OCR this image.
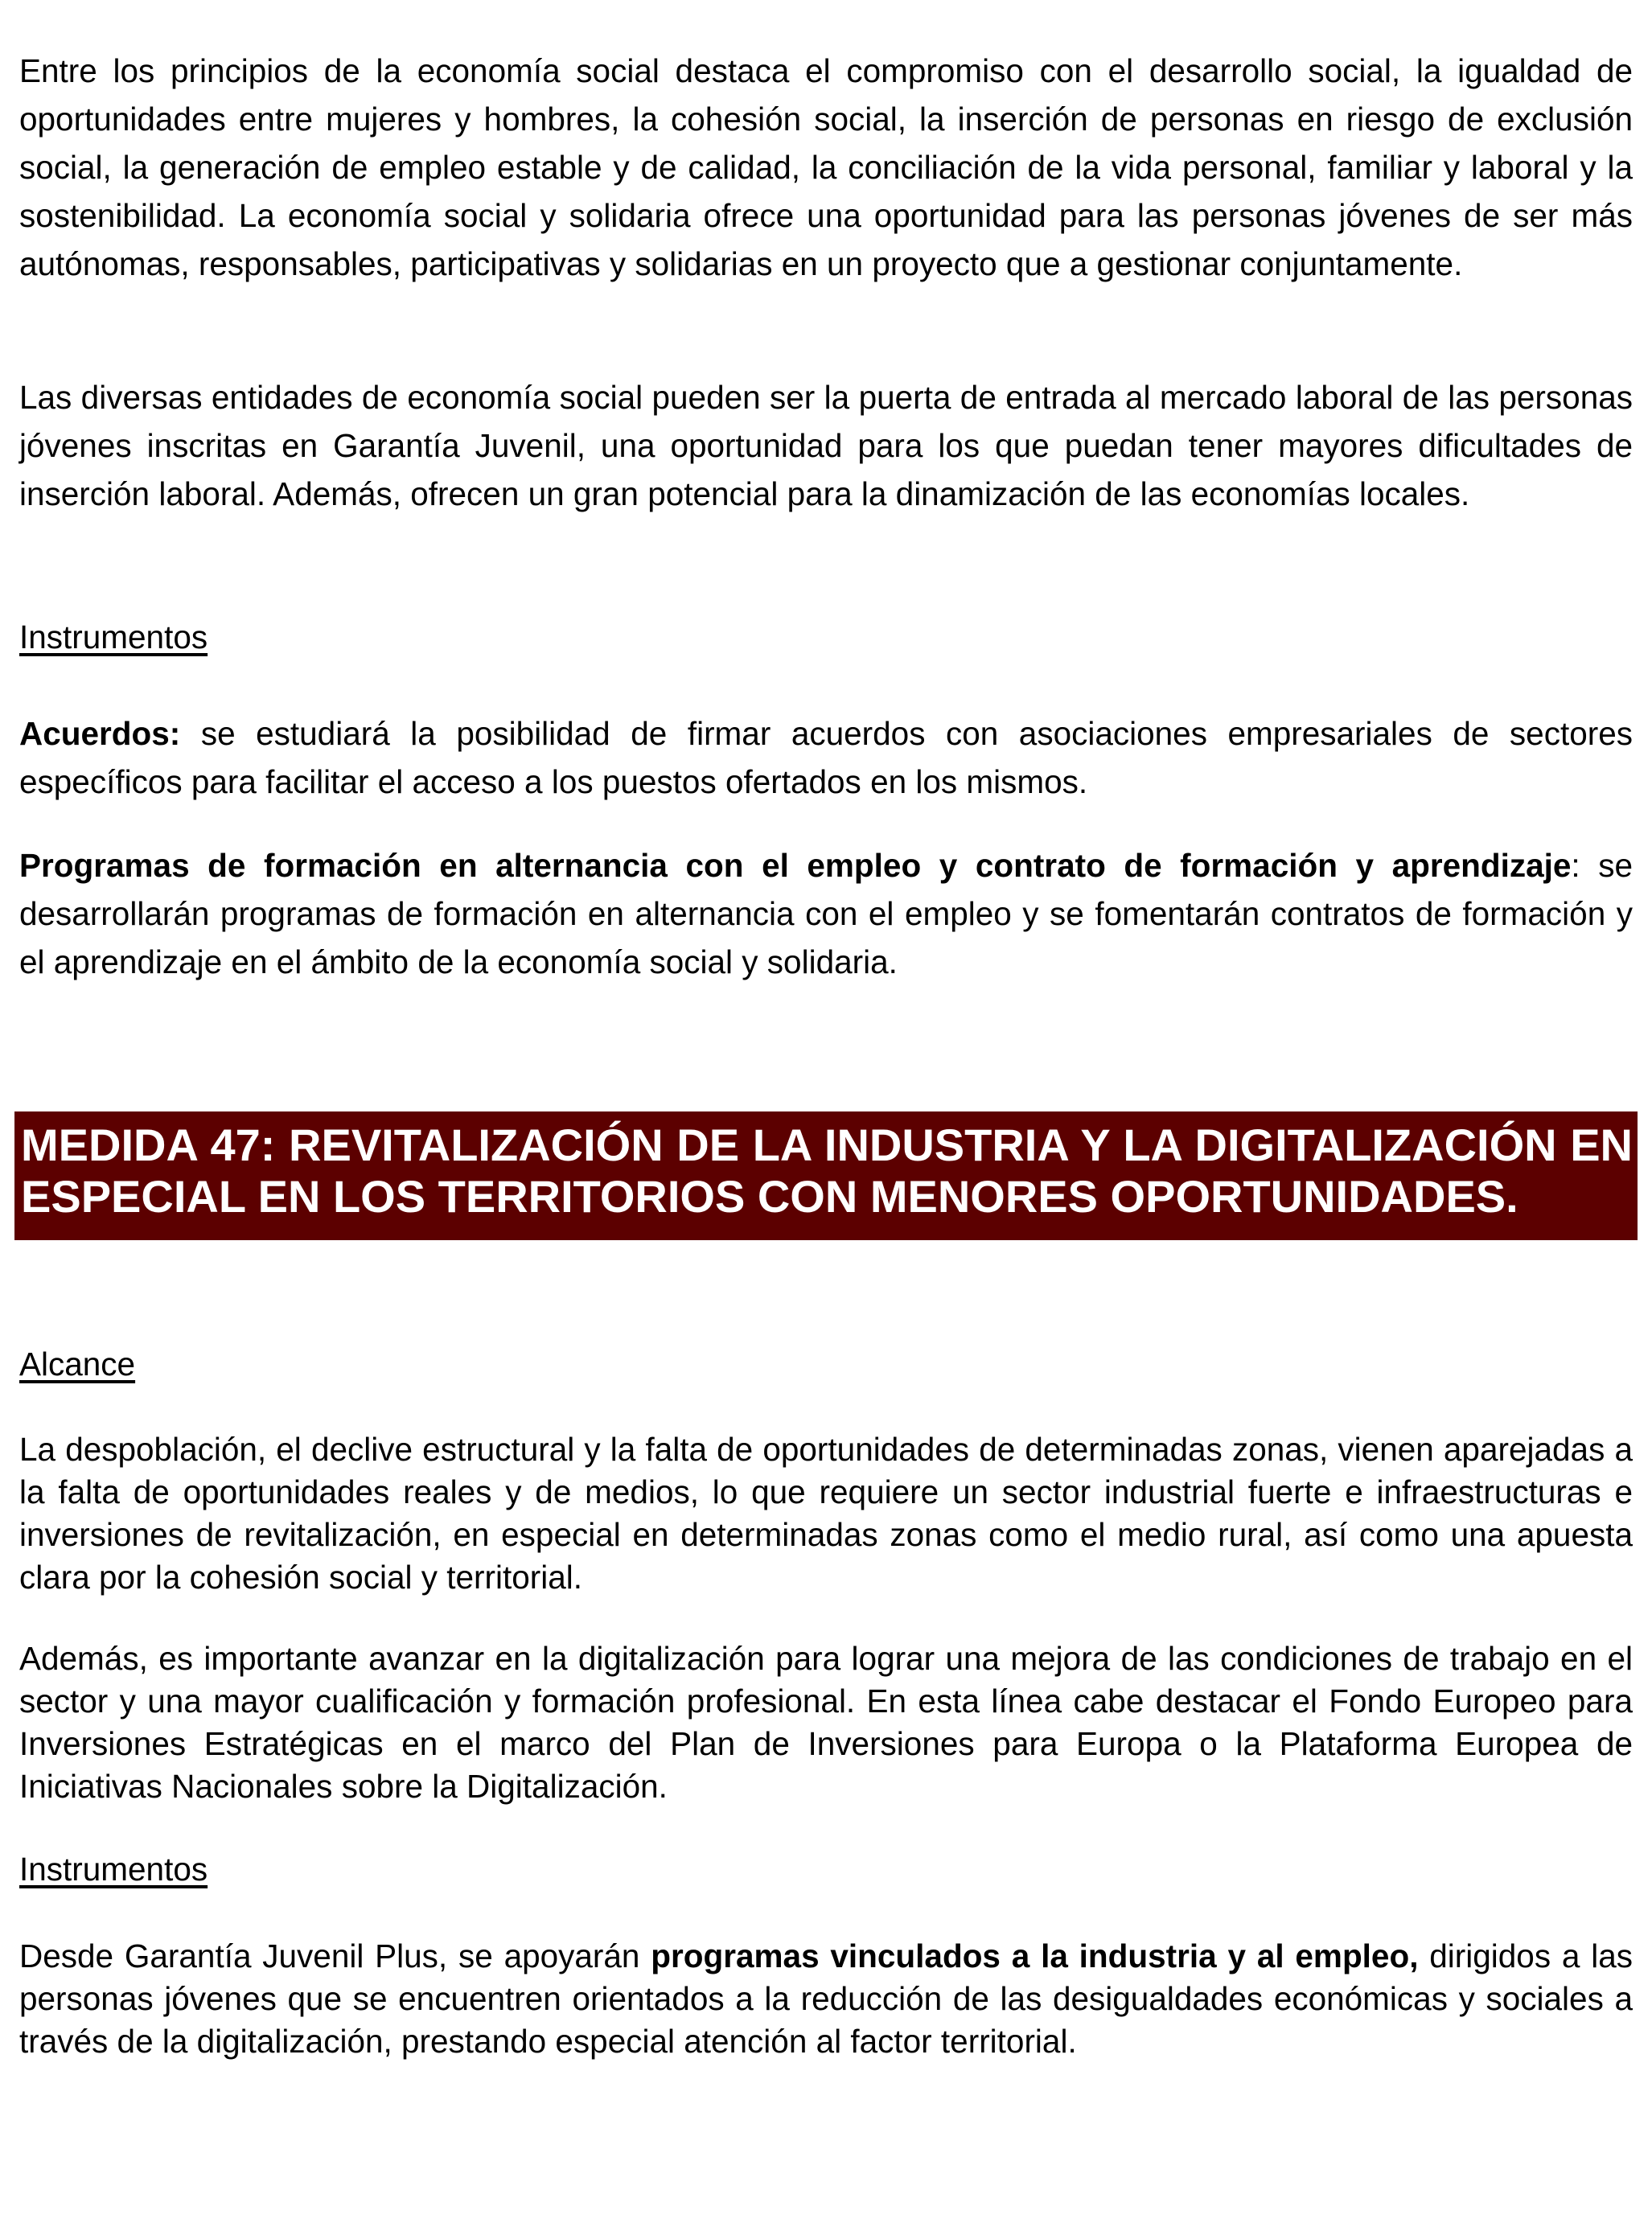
Entre los principios de la economía social destaca el compromiso con el desarrollo social, la igualdad de oportunidades entre mujeres y hombres, la cohesión social, la inserción de personas en riesgo de exclusión social, la generación de empleo estable y de calidad, la conciliación de la vida personal, familiar y laboral y la sostenibilidad. La economía social y solidaria ofrece una oportunidad para las personas jóvenes de ser más autónomas, responsables, participativas y solidarias en un proyecto que a gestionar conjuntamente.

Las diversas entidades de economía social pueden ser la puerta de entrada al mercado laboral de las personas jóvenes inscritas en Garantía Juvenil, una oportunidad para los que puedan tener mayores dificultades de inserción laboral. Además, ofrecen un gran potencial para la dinamización de las economías locales.

Instrumentos

Acuerdos: se estudiará la posibilidad de firmar acuerdos con asociaciones empresariales de sectores específicos para facilitar el acceso a los puestos ofertados en los mismos.

Programas de formación en alternancia con el empleo y contrato de formación y aprendizaje: se desarrollarán programas de formación en alternancia con el empleo y se fomentarán contratos de formación y el aprendizaje en el ámbito de la economía social y solidaria.

MEDIDA 47: REVITALIZACIÓN DE LA INDUSTRIA Y LA DIGITALIZACIÓN EN ESPECIAL EN LOS TERRITORIOS CON MENORES OPORTUNIDADES.

Alcance

La despoblación, el declive estructural y la falta de oportunidades de determinadas zonas, vienen aparejadas a la falta de oportunidades reales y de medios, lo que requiere un sector industrial fuerte e infraestructuras e inversiones de revitalización, en especial en determinadas zonas como el medio rural, así como una apuesta clara por la cohesión social y territorial.

Además, es importante avanzar en la digitalización para lograr una mejora de las condiciones de trabajo en el sector y una mayor cualificación y formación profesional. En esta línea cabe destacar el Fondo Europeo para Inversiones Estratégicas en el marco del Plan de Inversiones para Europa o la Plataforma Europea de Iniciativas Nacionales sobre la Digitalización.

Instrumentos

Desde Garantía Juvenil Plus, se apoyarán programas vinculados a la industria y al empleo, dirigidos a las personas jóvenes que se encuentren orientados a la reducción de las desigualdades económicas y sociales a través de la digitalización, prestando especial atención al factor territorial.
